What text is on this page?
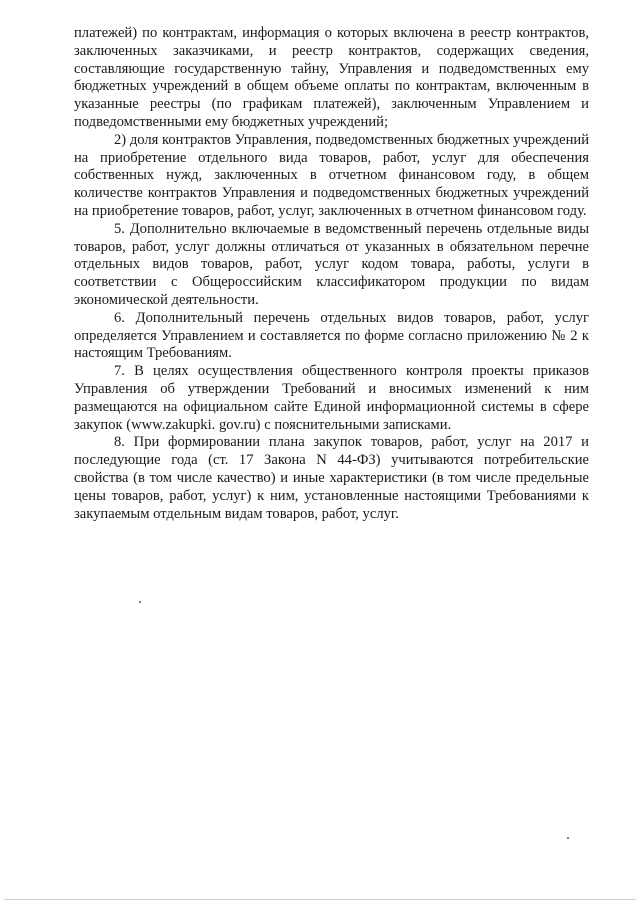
платежей) по контрактам, информация о которых включена в реестр контрактов, заключенных заказчиками, и реестр контрактов, содержащих сведения, составляющие государственную тайну, Управления и подведомственных ему бюджетных учреждений в общем объеме оплаты по контрактам, включенным в указанные реестры (по графикам платежей), заключенным Управлением и подведомственными ему бюджетных учреждений;

2) доля контрактов Управления, подведомственных бюджетных учреждений на приобретение отдельного вида товаров, работ, услуг для обеспечения собственных нужд, заключенных в отчетном финансовом году, в общем количестве контрактов Управления и подведомственных бюджетных учреждений на приобретение товаров, работ, услуг, заключенных в отчетном финансовом году.

5. Дополнительно включаемые в ведомственный перечень отдельные виды товаров, работ, услуг должны отличаться от указанных в обязательном перечне отдельных видов товаров, работ, услуг кодом товара, работы, услуги в соответствии с Общероссийским классификатором продукции по видам экономической деятельности.

6. Дополнительный перечень отдельных видов товаров, работ, услуг определяется Управлением и составляется по форме согласно приложению № 2 к настоящим Требованиям.

7. В целях осуществления общественного контроля проекты приказов Управления об утверждении Требований и вносимых изменений к ним размещаются на официальном сайте Единой информационной системы в сфере закупок (www.zakupki. gov.ru) с пояснительными записками.

8. При формировании плана закупок товаров, работ, услуг на 2017 и последующие года (ст. 17 Закона N 44-ФЗ) учитываются потребительские свойства (в том числе качество) и иные характеристики (в том числе предельные цены товаров, работ, услуг) к ним, установленные настоящими Требованиями к закупаемым отдельным видам товаров, работ, услуг.
